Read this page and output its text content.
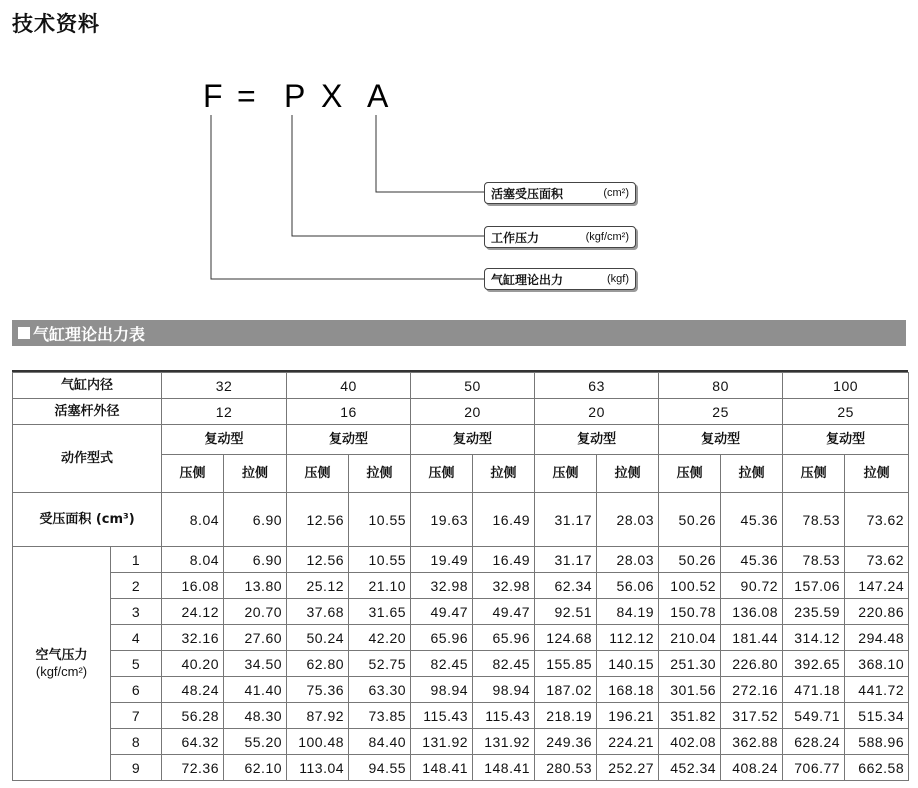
技术资料
F = P X A
活塞受压面积	(cm²)
工作压力	(kgf/cm²)
气缸理论出力	(kgf)
气缸理论出力表
气缸内径		32		40		50		63		80		100	
活塞杆外径		12		16		20		20		25		25	
动作型式		复动型		复动型		复动型		复动型		复动型		复动型	
		压侧	拉侧	压侧	拉侧	压侧	拉侧	压侧	拉侧	压侧	拉侧	压侧	拉侧
受压面积 (cm³)		8.04	6.90	12.56	10.55	19.63	16.49	31.17	28.03	50.26	45.36	78.53	73.62

空气压力
(kgf/cm²)	1	8.04	6.90	12.56	10.55	19.49	16.49	31.17	28.03	50.26	45.36	78.53	73.62
	2	16.08	13.80	25.12	21.10	32.98	32.98	62.34	56.06	100.52	90.72	157.06	147.24
	3	24.12	20.70	37.68	31.65	49.47	49.47	92.51	84.19	150.78	136.08	235.59	220.86
	4	32.16	27.60	50.24	42.20	65.96	65.96	124.68	112.12	210.04	181.44	314.12	294.48
	5	40.20	34.50	62.80	52.75	82.45	82.45	155.85	140.15	251.30	226.80	392.65	368.10
	6	48.24	41.40	75.36	63.30	98.94	98.94	187.02	168.18	301.56	272.16	471.18	441.72
	7	56.28	48.30	87.92	73.85	115.43	115.43	218.19	196.21	351.82	317.52	549.71	515.34
	8	64.32	55.20	100.48	84.40	131.92	131.92	249.36	224.21	402.08	362.88	628.24	588.96
	9	72.36	62.10	113.04	94.55	148.41	148.41	280.53	252.27	452.34	408.24	706.77	662.58
